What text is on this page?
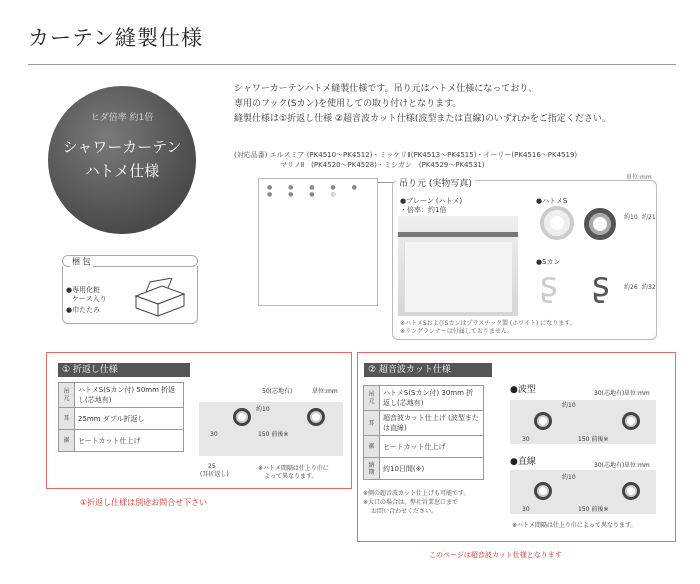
カーテン縫製仕様
ヒダ倍率 約1倍
シャワーカーテン
ハトメ仕様
シャワーカーテンハトメ縫製仕様です。吊り元はハトメ仕様になっており、
専用のフック(Sカン)を使用しての取り付けとなります。
縫製仕様は①折返し仕様 ②超音波カット仕様(波型または直線)のいずれかをご指定ください。
(対応品番) エルスミア (PK4510〜PK4512)・ミッケリⅡ(PK4513〜PK4515)・イーリー(PK4516〜PK4519)
マリノⅡ　(PK4520〜PK4528)・ミシガン　(PK4529〜PK4531)
● ● ● ● ● ● ● ● ◎
単位:mm
吊り元 (実物写真)
●プレーン (ハトメ)
・倍率：約1倍
●ハトメS
約10 約21
●Sカン
ʂ ʂ 約26 約32
※ハトメSおよびSカンはプラスチック製 (ホワイト) になります。
※リングランナーは付属しておりません。
梱 包
●専用化粧
ケース入り
●巾たたみ
① 折返し仕様
吊元	ハトメS(Sカン付) 50mm 折返し(芯地有)
耳	25mm ダブル折返し
裾	ヒートカット仕上げ
50(芯地有)	単位:mm
約10
30	150 前後※
25
(耳折返し)
※ハトメ間隔は仕上り巾に
よって異なります。
①折返し仕様は別途お問合せ下さい
② 超音波カット仕様
吊元	ハトメS(Sカン付) 30mm 折返し(芯地有)
耳	超音波カット仕上げ (波型または直線)
裾	ヒートカット仕上げ
納期	約10日間(※)
●波型	30(芯地有) 単位:mm
約10
30	150 前後※
●直線	30(芯地有) 単位:mm
約10
30	150 前後※
※ハトメ間隔は仕上り巾によって異なります。
※側の超音波カット仕上げも可能です。
※大口の場合は、弊社営業窓口まで
お問い合わせください。
このページは超音波カット仕様となります
